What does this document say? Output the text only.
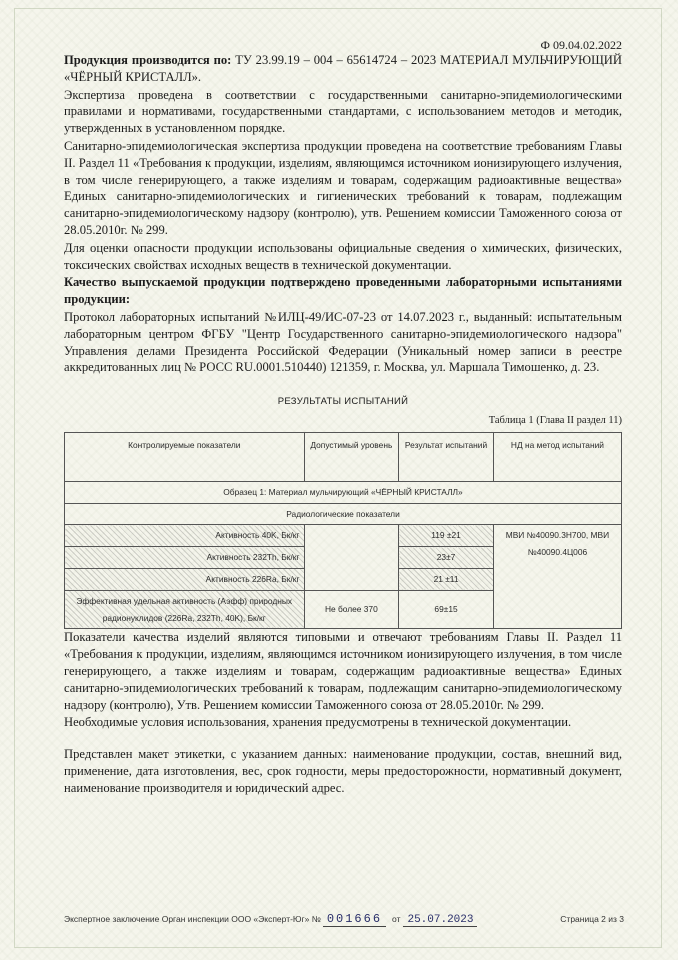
Ф 09.04.02.2022

Продукция производится по: ТУ 23.99.19 – 004 – 65614724 – 2023 МАТЕРИАЛ МУЛЬЧИРУЮЩИЙ «ЧЁРНЫЙ КРИСТАЛЛ».

Экспертиза проведена в соответствии с государственными санитарно-эпидемиологическими правилами и нормативами, государственными стандартами, с использованием методов и методик, утвержденных в установленном порядке.

Санитарно-эпидемиологическая экспертиза продукции проведена на соответствие требованиям Главы II. Раздел 11 «Требования к продукции, изделиям, являющимся источником ионизирующего излучения, в том числе генерирующего, а также изделиям и товарам, содержащим радиоактивные вещества» Единых санитарно-эпидемиологических и гигиенических требований к товарам, подлежащим санитарно-эпидемиологическому надзору (контролю), утв. Решением комиссии Таможенного союза от 28.05.2010г. № 299.

Для оценки опасности продукции использованы официальные сведения о химических, физических, токсических свойствах исходных веществ в технической документации.

Качество выпускаемой продукции подтверждено проведенными лабораторными испытаниями продукции:

Протокол лабораторных испытаний №ИЛЦ-49/ИС-07-23 от 14.07.2023 г., выданный: испытательным лабораторным центром ФГБУ "Центр Государственного санитарно-эпидемиологического надзора" Управления делами Президента Российской Федерации (Уникальный номер записи в реестре аккредитованных лиц № РОСС RU.0001.510440) 121359, г. Москва, ул. Маршала Тимошенко, д. 23.

РЕЗУЛЬТАТЫ ИСПЫТАНИЙ
Таблица 1 (Глава II раздел 11)
Контролируемые показатели	Допустимый уровень	Результат испытаний	НД на метод испытаний
Образец 1: Материал мульчирующий «ЧЁРНЫЙ КРИСТАЛЛ»			
Радиологические показатели			
Активность 40K, Бк/кг		119 ±21	МВИ №40090.3Н700, МВИ №40090.4Ц006
Активность 232Th, Бк/кг		23±7	
Активность 226Ra, Бк/кг		21 ±11	
Эффективная удельная активность (Аэфф) природных радионуклидов (226Ra, 232Th, 40K), Бк/кг	Не более 370	69±15	

Показатели качества изделий являются типовыми и отвечают требованиям Главы II. Раздел 11 «Требования к продукции, изделиям, являющимся источником ионизирующего излучения, в том числе генерирующего, а также изделиям и товарам, содержащим радиоактивные вещества» Единых санитарно-эпидемиологических требований к товарам, подлежащим санитарно-эпидемиологическому надзору (контролю), Утв. Решением комиссии Таможенного союза от 28.05.2010г. № 299.

Необходимые условия использования, хранения предусмотрены в технической документации.

Представлен макет этикетки, с указанием данных: наименование продукции, состав, внешний вид, применение, дата изготовления, вес, срок годности, меры предосторожности, нормативный документ, наименование производителя и юридический адрес.

Экспертное заключение Орган инспекции ООО «Эксперт-Юг» № 001666	от 25.07.2023	Страница 2 из 3
